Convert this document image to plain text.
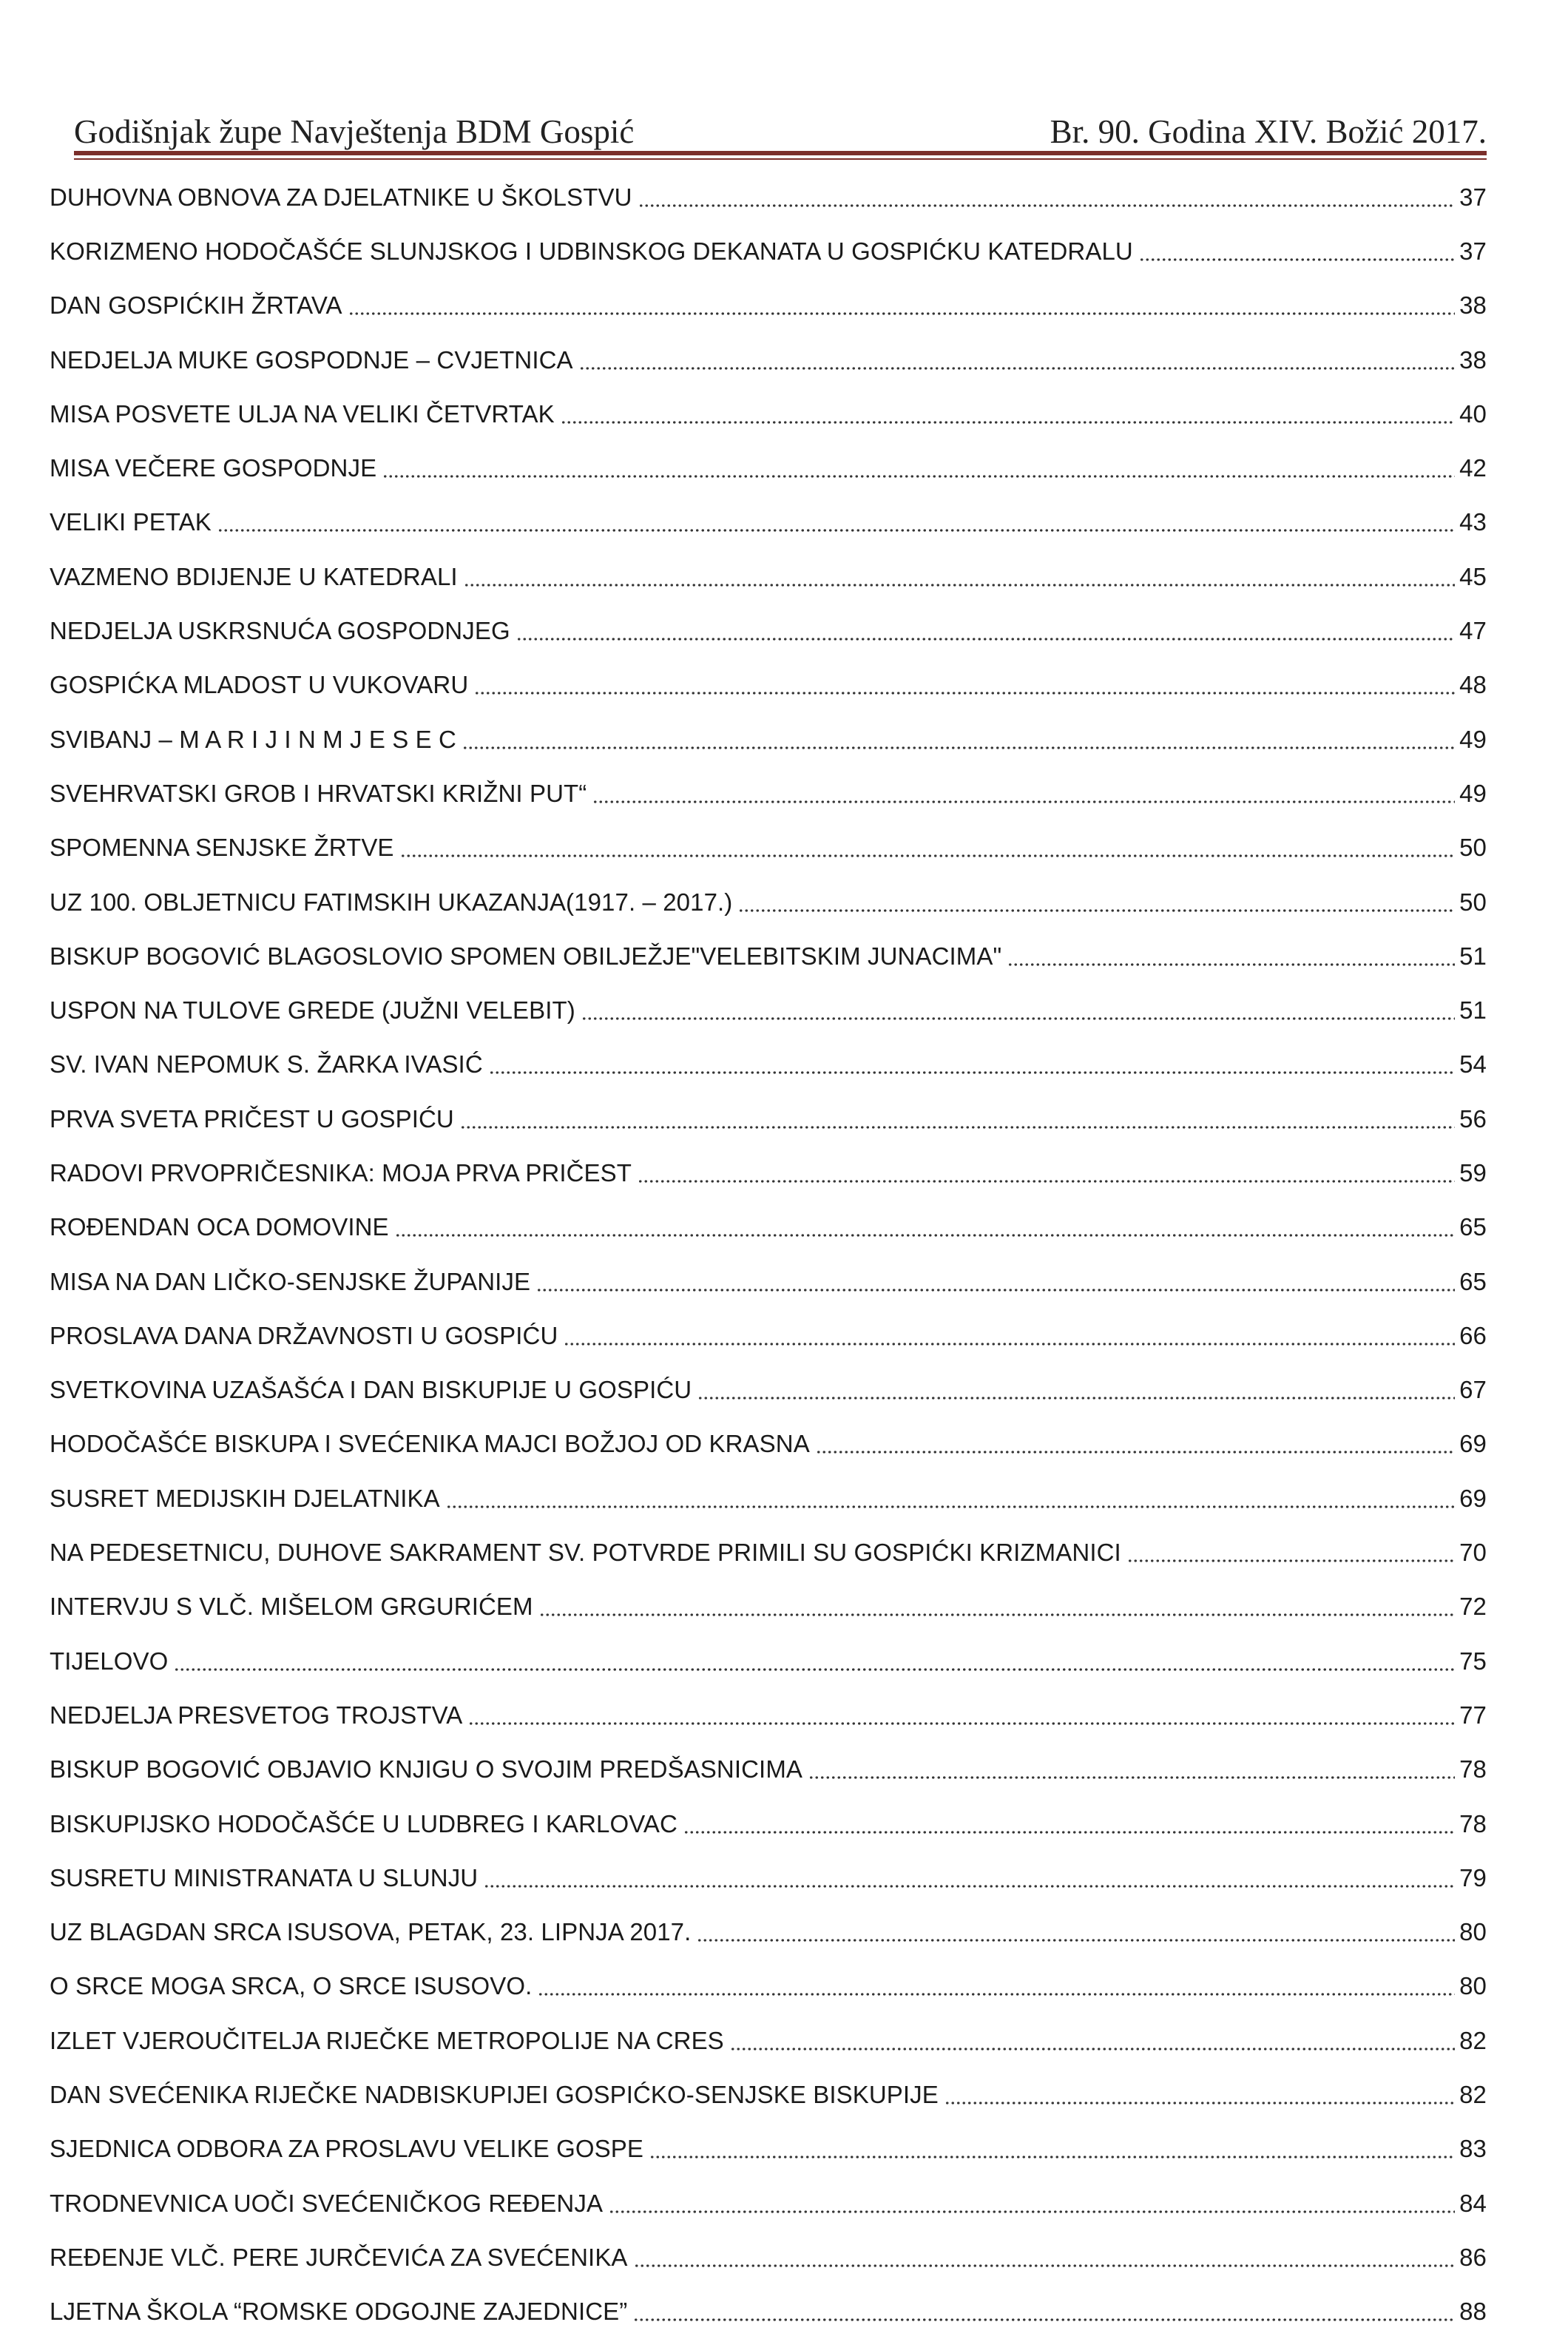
Godišnjak župe Navještenja BDM Gospić	Br. 90. Godina XIV. Božić 2017.
DUHOVNA OBNOVA ZA DJELATNIKE U ŠKOLSTVU	37
KORIZMENO HODOČAŠĆE SLUNJSKOG I UDBINSKOG DEKANATA U GOSPIĆKU KATEDRALU	37
DAN GOSPIĆKIH ŽRTAVA	38
NEDJELJA MUKE GOSPODNJE – CVJETNICA	38
MISA POSVETE ULJA NA VELIKI ČETVRTAK	40
MISA VEČERE GOSPODNJE	42
VELIKI PETAK	43
VAZMENO BDIJENJE U KATEDRALI	45
NEDJELJA USKRSNUĆA GOSPODNJEG	47
GOSPIĆKA MLADOST U VUKOVARU	48
SVIBANJ – M A R I J I N M J E S E C	49
SVEHRVATSKI GROB I HRVATSKI KRIŽNI PUT“	49
SPOMENNA SENJSKE ŽRTVE	50
UZ 100. OBLJETNICU FATIMSKIH UKAZANJA(1917. – 2017.)	50
BISKUP BOGOVIĆ BLAGOSLOVIO SPOMEN OBILJEŽJE"VELEBITSKIM JUNACIMA"	51
USPON NA TULOVE GREDE (JUŽNI VELEBIT)	51
SV. IVAN NEPOMUK S. ŽARKA IVASIĆ	54
PRVA SVETA PRIČEST U GOSPIĆU	56
RADOVI PRVOPRIČESNIKA: MOJA PRVA PRIČEST	59
ROĐENDAN OCA DOMOVINE	65
MISA NA DAN LIČKO-SENJSKE ŽUPANIJE	65
PROSLAVA DANA DRŽAVNOSTI U GOSPIĆU	66
SVETKOVINA UZAŠAŠĆA I DAN BISKUPIJE U GOSPIĆU	67
HODOČAŠĆE BISKUPA I SVEĆENIKA MAJCI BOŽJOJ OD KRASNA	69
SUSRET MEDIJSKIH DJELATNIKA	69
NA PEDESETNICU, DUHOVE SAKRAMENT SV. POTVRDE PRIMILI SU GOSPIĆKI KRIZMANICI	70
INTERVJU S VLČ. MIŠELOM GRGURIĆEM	72
TIJELOVO	75
NEDJELJA PRESVETOG TROJSTVA	77
BISKUP BOGOVIĆ OBJAVIO KNJIGU O SVOJIM PREDŠASNICIMA	78
BISKUPIJSKO HODOČAŠĆE U LUDBREG I KARLOVAC	78
SUSRETU MINISTRANATA U SLUNJU	79
UZ BLAGDAN SRCA ISUSOVA, PETAK, 23. LIPNJA 2017.	80
O SRCE MOGA SRCA, O SRCE ISUSOVO.	80
IZLET VJEROUČITELJA RIJEČKE METROPOLIJE NA CRES	82
DAN SVEĆENIKA RIJEČKE NADBISKUPIJEI GOSPIĆKO-SENJSKE BISKUPIJE	82
SJEDNICA ODBORA ZA PROSLAVU VELIKE GOSPE	83
TRODNEVNICA UOČI SVEĆENIČKOG REĐENJA	84
REĐENJE VLČ. PERE JURČEVIĆA ZA SVEĆENIKA	86
LJETNA ŠKOLA “ROMSKE ODGOJNE ZAJEDNICE”	88
